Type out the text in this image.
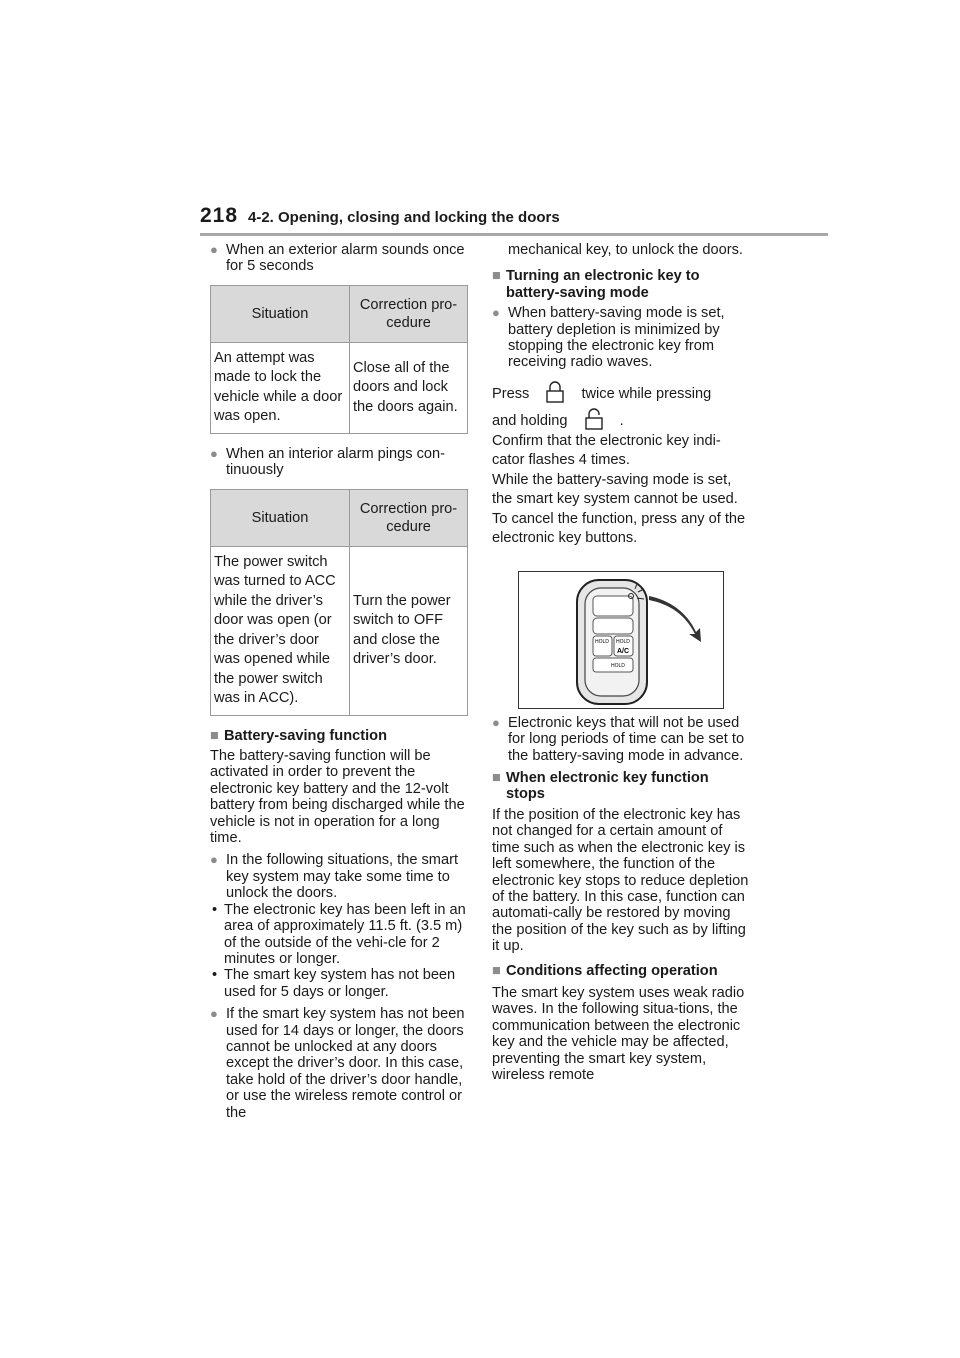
218 4-2. Opening, closing and locking the doors
● When an exterior alarm sounds once for 5 seconds
Situation	Correction pro-cedure
An attempt was made to lock the vehicle while a door was open.	Close all of the doors and lock the doors again.
● When an interior alarm pings con-tinuously
Situation	Correction pro-cedure
The power switch was turned to ACC while the driver’s door was open (or the driver’s door was opened while the power switch was in ACC).	Turn the power switch to OFF and close the driver’s door.
■ Battery-saving function

The battery-saving function will be activated in order to prevent the electronic key battery and the 12-volt battery from being discharged while the vehicle is not in operation for a long time.

● In the following situations, the smart key system may take some time to unlock the doors.
• The electronic key has been left in an area of approximately 11.5 ft. (3.5 m) of the outside of the vehi-cle for 2 minutes or longer.
• The smart key system has not been used for 5 days or longer.
● If the smart key system has not been used for 14 days or longer, the doors cannot be unlocked at any doors except the driver’s door. In this case, take hold of the driver’s door handle, or use the wireless remote control or the

mechanical key, to unlock the doors.

■ Turning an electronic key to battery-saving mode
● When battery-saving mode is set, battery depletion is minimized by stopping the electronic key from receiving radio waves.

Press	twice while pressing

and holding	.

Confirm that the electronic key indi-cator flashes 4 times.

While the battery-saving mode is set, the smart key system cannot be used. To cancel the function, press any of the electronic key buttons.

HOLD HOLD
A/C
HOLD
● Electronic keys that will not be used for long periods of time can be set to the battery-saving mode in advance.
■ When electronic key function stops

If the position of the electronic key has not changed for a certain amount of time such as when the electronic key is left somewhere, the function of the electronic key stops to reduce depletion of the battery. In this case, function can automati-cally be restored by moving the position of the key such as by lifting it up.

■ Conditions affecting operation

The smart key system uses weak radio waves. In the following situa-tions, the communication between the electronic key and the vehicle may be affected, preventing the smart key system, wireless remote
